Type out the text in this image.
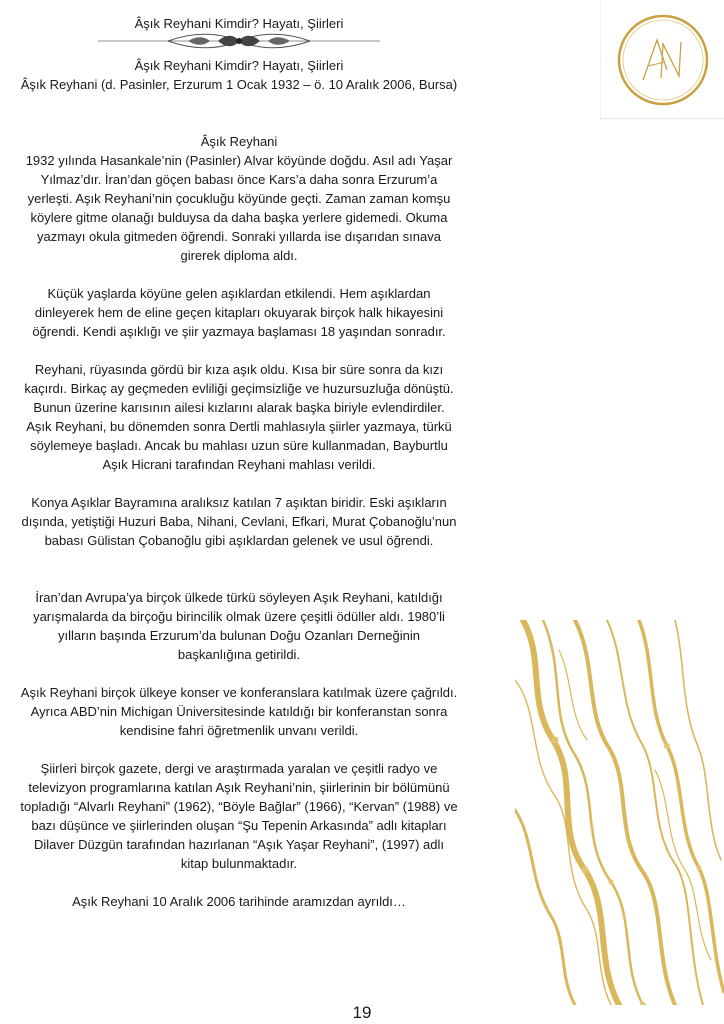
Âşık Reyhani Kimdir? Hayatı, Şiirleri

Âşık Reyhani Kimdir? Hayatı, Şiirleri

Âşık Reyhani (d. Pasinler, Erzurum 1 Ocak 1932 – ö. 10 Aralık 2006, Bursa)

Âşık Reyhani

1932 yılında Hasankale’nin (Pasinler) Alvar köyünde doğdu. Asıl adı Yaşar Yılmaz’dır. İran’dan göçen babası önce Kars’a daha sonra Erzurum’a yerleşti. Aşık Reyhani’nin çocukluğu köyünde geçti. Zaman zaman komşu köylere gitme olanağı bulduysa da daha başka yerlere gidemedi. Okuma yazmayı okula gitmeden öğrendi. Sonraki yıllarda ise dışarıdan sınava girerek diploma aldı.

Küçük yaşlarda köyüne gelen aşıklardan etkilendi. Hem aşıklardan dinleyerek hem de eline geçen kitapları okuyarak birçok halk hikayesini öğrendi. Kendi aşıklığı ve şiir yazmaya başlaması 18 yaşından sonradır.

Reyhani, rüyasında gördü bir kıza aşık oldu. Kısa bir süre sonra da kızı kaçırdı. Birkaç ay geçmeden evliliği geçimsizliğe ve huzursuzluğa dönüştü. Bunun üzerine karısının ailesi kızlarını alarak başka biriyle evlendirdiler. Aşık Reyhani, bu dönemden sonra Dertli mahlasıyla şiirler yazmaya, türkü söylemeye başladı. Ancak bu mahlası uzun süre kullanmadan, Bayburtlu Aşık Hicrani tarafından Reyhani mahlası verildi.

Konya Aşıklar Bayramına aralıksız katılan 7 aşıktan biridir. Eski aşıkların dışında, yetiştiği Huzuri Baba, Nihani, Cevlani, Efkari, Murat Çobanoğlu’nun babası Gülistan Çobanoğlu gibi aşıklardan gelenek ve usul öğrendi.

İran’dan Avrupa’ya birçok ülkede türkü söyleyen Aşık Reyhani, katıldığı yarışmalarda da birçoğu birincilik olmak üzere çeşitli ödüller aldı. 1980’li yılların başında Erzurum’da bulunan Doğu Ozanları Derneğinin başkanlığına getirildi.

Aşık Reyhani birçok ülkeye konser ve konferanslara katılmak üzere çağrıldı. Ayrıca ABD’nin Michigan Üniversitesinde katıldığı bir konferanstan sonra kendisine fahri öğretmenlik unvanı verildi.

Şiirleri birçok gazete, dergi ve araştırmada yaralan ve çeşitli radyo ve televizyon programlarına katılan Aşık Reyhani’nin, şiirlerinin bir bölümünü topladığı “Alvarlı Reyhani” (1962), “Böyle Bağlar” (1966), “Kervan” (1988) ve bazı düşünce ve şiirlerinden oluşan “Şu Tepenin Arkasında” adlı kitapları Dilaver Düzgün tarafından hazırlanan “Aşık Yaşar Reyhani”, (1997) adlı kitap bulunmaktadır.

Aşık Reyhani 10 Aralık 2006 tarihinde aramızdan ayrıldı…

19
